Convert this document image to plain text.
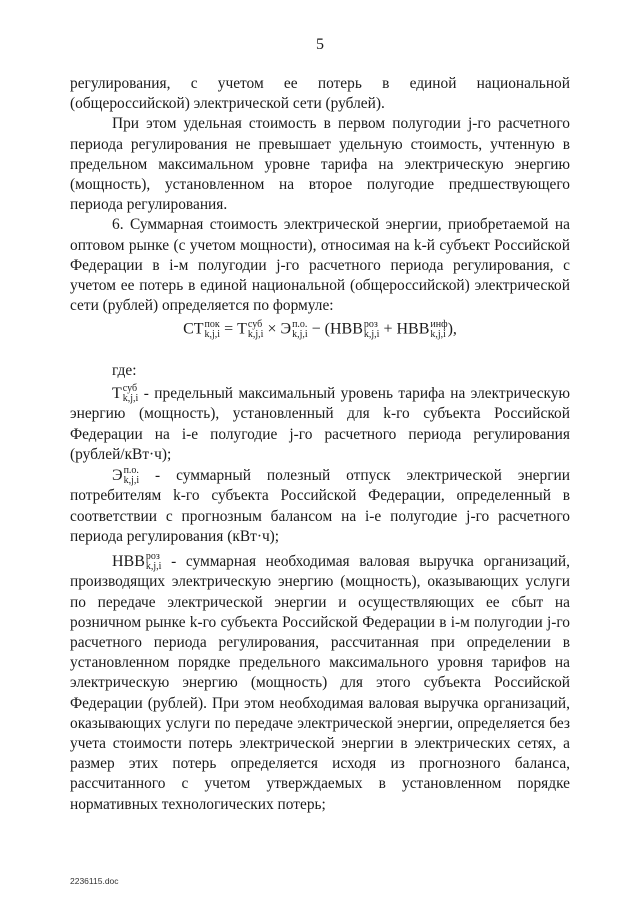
5

регулирования, с учетом ее потерь в единой национальной

(общероссийской) электрической сети (рублей).

При этом удельная стоимость в первом полугодии j-го расчетного периода регулирования не превышает удельную стоимость, учтенную в предельном максимальном уровне тарифа на электрическую энергию (мощность), установленном на второе полугодие предшествующего

периода регулирования.

6. Суммарная стоимость электрической энергии, приобретаемой на оптовом рынке (с учетом мощности), относимая на k-й субъект Российской Федерации в i-м полугодии j-го расчетного периода регулирования, с учетом ее потерь в единой национальной (общероссийской) электрической

сети (рублей) определяется по формуле:

СТ пок
k,j,i = Т суб
k,j,i × Э п.о.
k,j,i − (НВВ роз
k,j,i + НВВ инф
k,j,i ),
где:

Т суб
k,j,i - предельный максимальный уровень тарифа на электрическую

энергию (мощность), установленный для k-го субъекта Российской Федерации на i-е полугодие j-го расчетного периода регулирования

(рублей/кВт·ч);

Э п.о.
k,j,i - суммарный полезный отпуск электрической энергии

потребителям k-го субъекта Российской Федерации, определенный в соответствии с прогнозным балансом на i-е полугодие j-го расчетного

периода регулирования (кВт·ч);

НВВ роз
k,j,i - суммарная необходимая валовая выручка организаций,

производящих электрическую энергию (мощность), оказывающих услуги по передаче электрической энергии и осуществляющих ее сбыт на розничном рынке k-го субъекта Российской Федерации в i-м полугодии j-го расчетного периода регулирования, рассчитанная при определении в установленном порядке предельного максимального уровня тарифов на электрическую энергию (мощность) для этого субъекта Российской Федерации (рублей). При этом необходимая валовая выручка организаций, оказывающих услуги по передаче электрической энергии, определяется без учета стоимости потерь электрической энергии в электрических сетях, а размер этих потерь определяется исходя из прогнозного баланса, рассчитанного с учетом утверждаемых в установленном порядке

нормативных технологических потерь;

2236115.doc
